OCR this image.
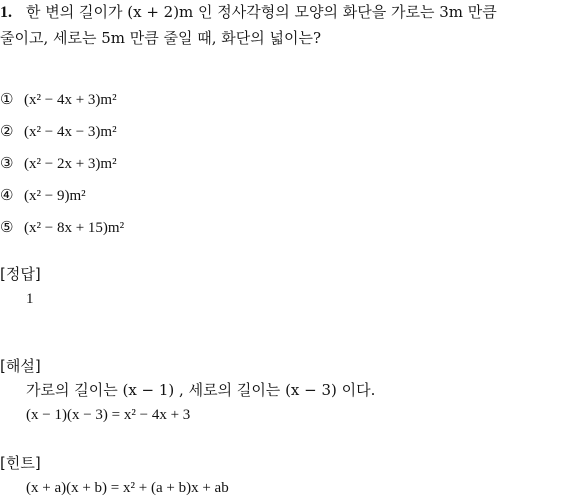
1. 한 변의 길이가 (x + 2)m 인 정사각형의 모양의 화단을 가로는 3m 만큼
줄이고, 세로는 5m 만큼 줄일 때, 화단의 넓이는?
① (x² − 4x + 3)m²
② (x² − 4x − 3)m²
③ (x² − 2x + 3)m²
④ (x² − 9)m²
⑤ (x² − 8x + 15)m²
[정답]
1
[해설]
가로의 길이는 (x − 1) , 세로의 길이는 (x − 3) 이다.
(x − 1)(x − 3) = x² − 4x + 3
[힌트]
(x + a)(x + b) = x² + (a + b)x + ab
